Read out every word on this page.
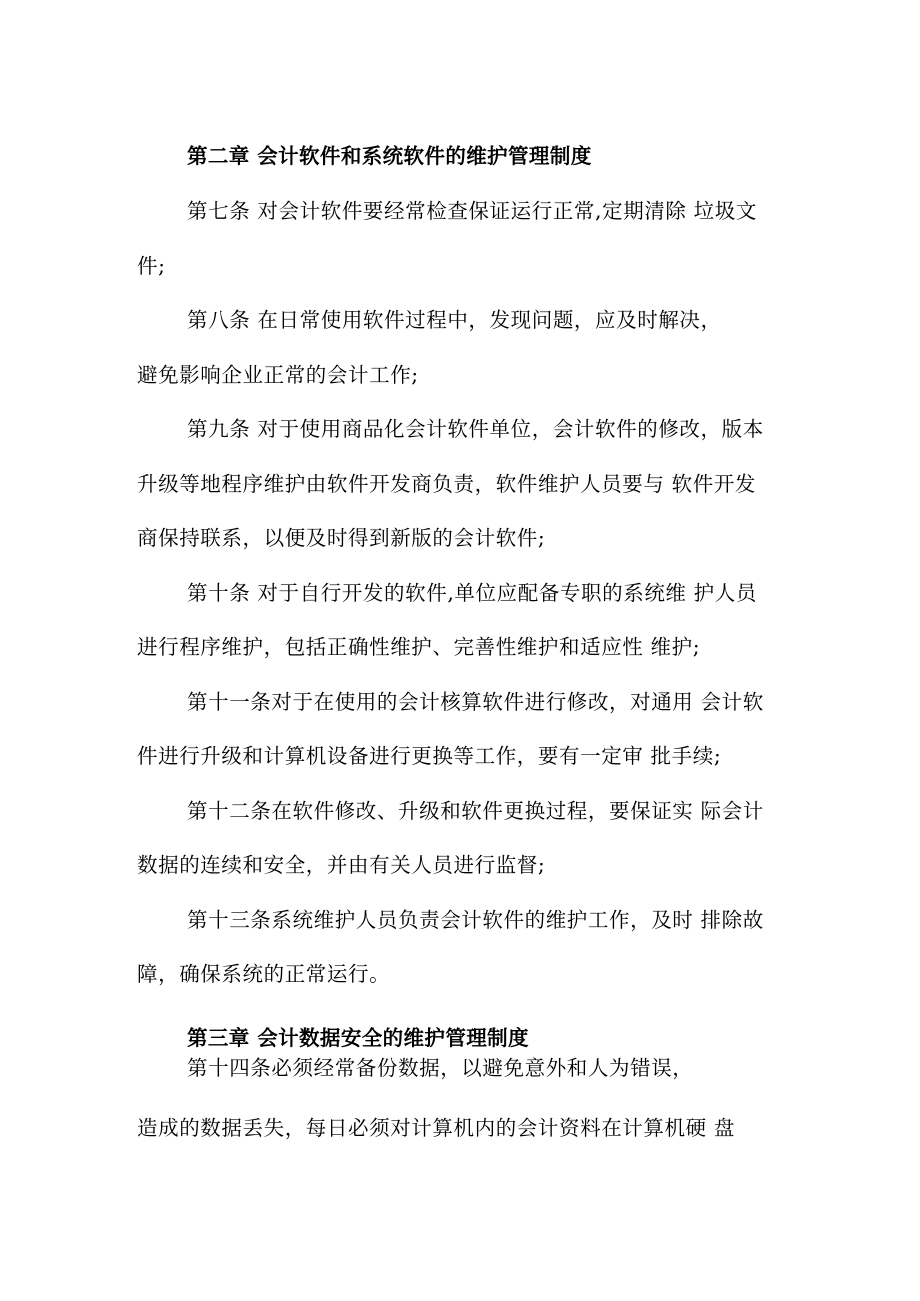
第二章 会计软件和系统软件的维护管理制度
第七条 对会计软件要经常检查保证运行正常,定期清除 垃圾文
件;
第八条 在日常使用软件过程中，发现问题，应及时解决，
避免影响企业正常的会计工作;
第九条 对于使用商品化会计软件单位，会计软件的修改，版本
升级等地程序维护由软件开发商负责，软件维护人员要与 软件开发
商保持联系，以便及时得到新版的会计软件;
第十条 对于自行开发的软件,单位应配备专职的系统维 护人员
进行程序维护，包括正确性维护、完善性维护和适应性 维护;
第十一条对于在使用的会计核算软件进行修改，对通用 会计软
件进行升级和计算机设备进行更换等工作，要有一定审 批手续;
第十二条在软件修改、升级和软件更换过程，要保证实 际会计
数据的连续和安全，并由有关人员进行监督;
第十三条系统维护人员负责会计软件的维护工作，及时 排除故
障，确保系统的正常运行。
第三章 会计数据安全的维护管理制度
第十四条必须经常备份数据，以避免意外和人为错误，
造成的数据丢失，每日必须对计算机内的会计资料在计算机硬 盘
